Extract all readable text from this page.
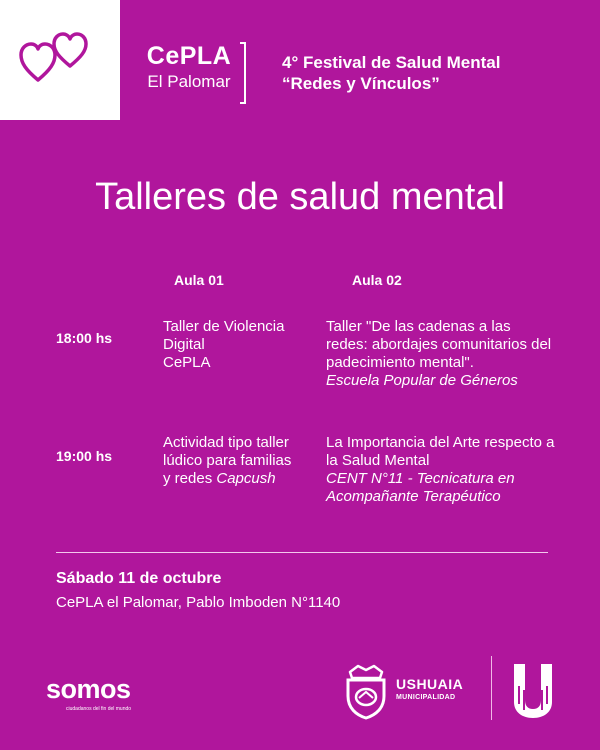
CePLA
El Palomar
4° Festival de Salud Mental
“Redes y Vínculos”
Talleres de salud mental
Aula 01	Aula 02
18:00 hs
Taller de Violencia Digital
CePLA
Taller "De las cadenas a las redes: abordajes comunitarios del padecimiento mental".
Escuela Popular de Géneros
19:00 hs
Actividad tipo taller lúdico para familias y redes Capcush
La Importancia del Arte respecto a la Salud Mental
CENT N°11 - Tecnicatura en Acompañante Terapéutico
Sábado 11 de octubre
CePLA el Palomar, Pablo Imboden N°1140
somos
ciudadanos del fin del mundo
USHUAIA
MUNICIPALIDAD
